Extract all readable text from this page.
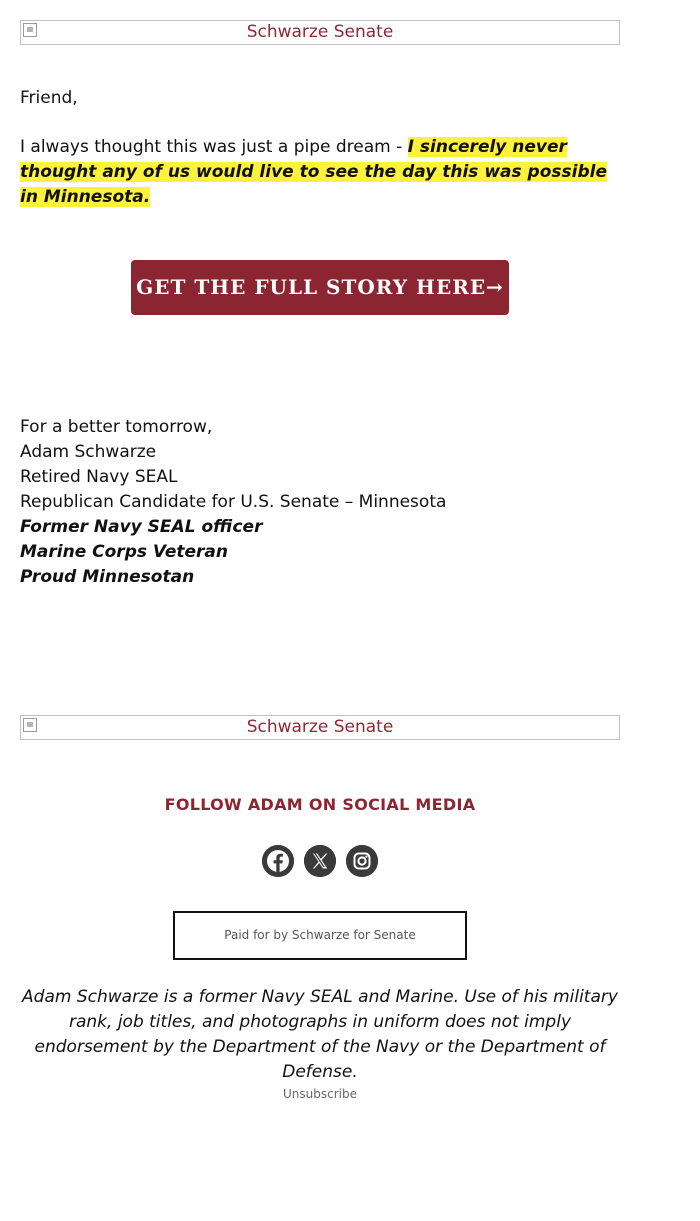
Schwarze Senate
Friend,
I always thought this was just a pipe dream - I sincerely never thought any of us would live to see the day this was possible in Minnesota.
GET THE FULL STORY HERE→
For a better tomorrow,
Adam Schwarze
Retired Navy SEAL
Republican Candidate for U.S. Senate – Minnesota
Former Navy SEAL officer
Marine Corps Veteran
Proud Minnesotan
Schwarze Senate
FOLLOW ADAM ON SOCIAL MEDIA
Paid for by Schwarze for Senate
Adam Schwarze is a former Navy SEAL and Marine. Use of his military rank, job titles, and photographs in uniform does not imply endorsement by the Department of the Navy or the Department of Defense.
Unsubscribe
